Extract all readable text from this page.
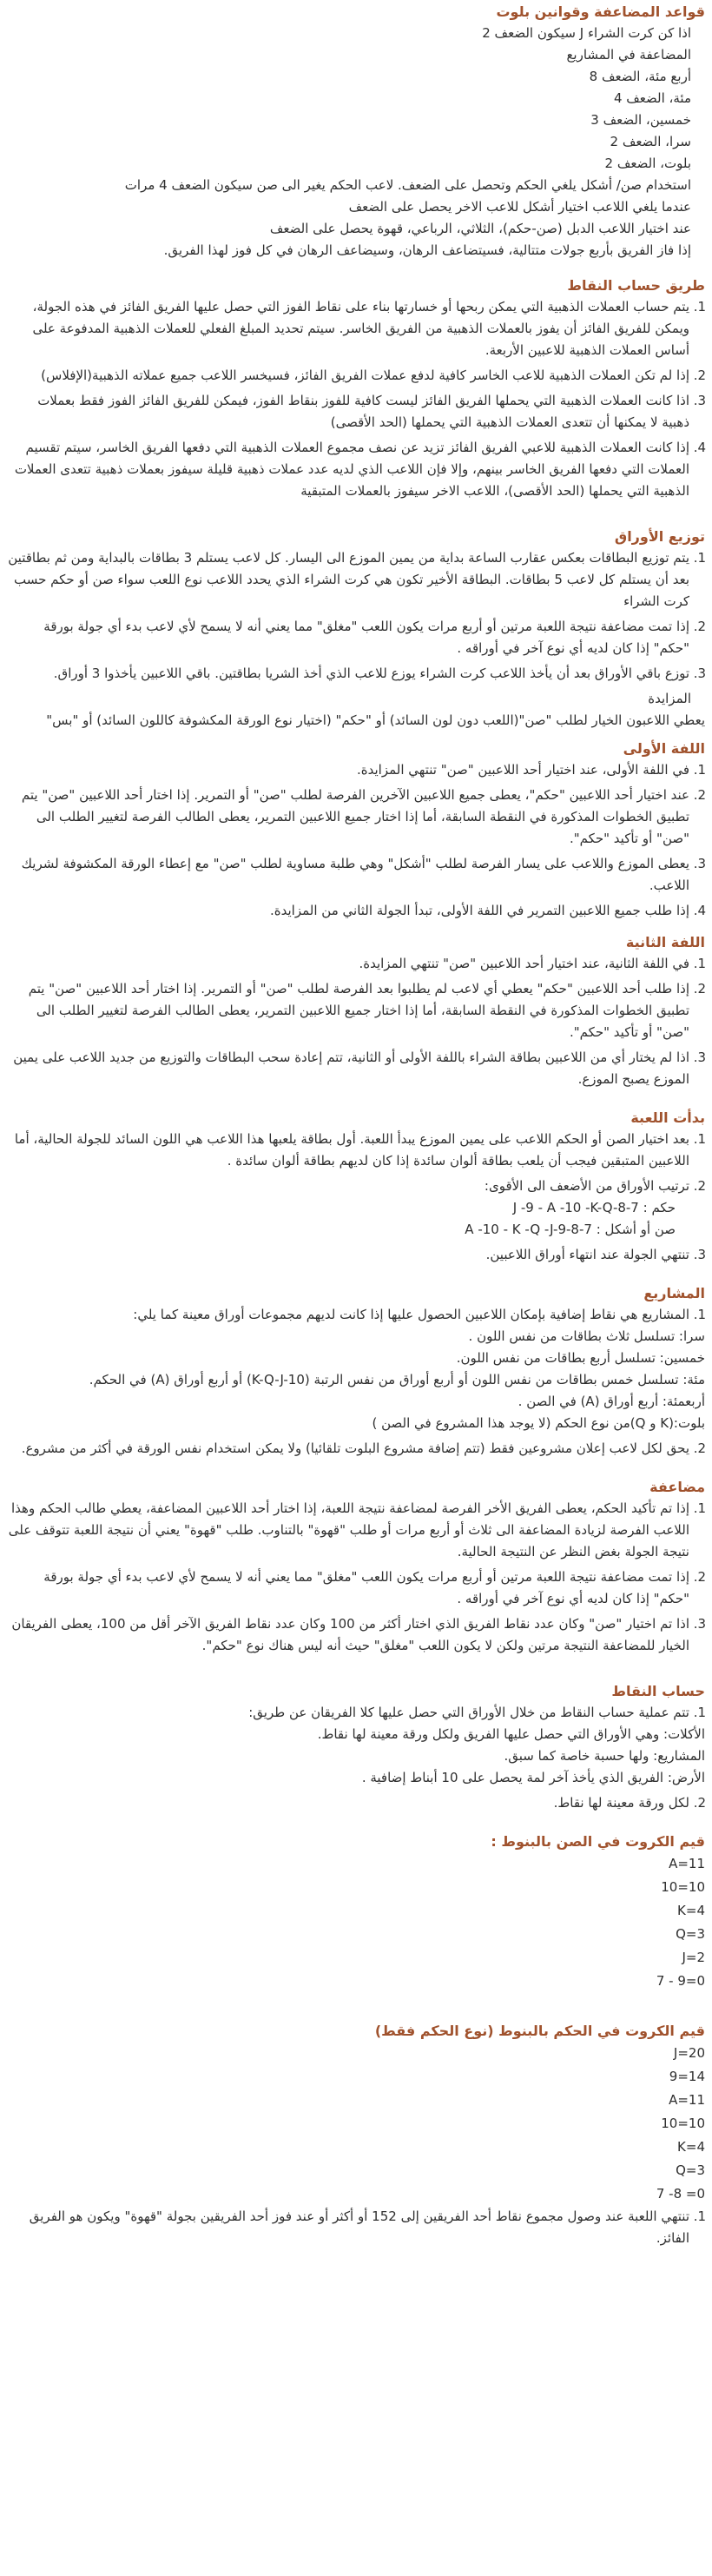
قواعد المضاعفة وقوانين بلوت

اذا كن كرت الشراء J سيكون الضعف 2

المضاعفة في المشاريع

أربع مئة، الضعف 8

مئة، الضعف 4

خمسين، الضعف 3

سرا، الضعف 2

بلوت، الضعف 2

استخدام صن/ أشكل يلغي الحكم وتحصل على الضعف. لاعب الحكم يغير الى صن سيكون الضعف 4 مرات

عندما يلغي اللاعب اختيار أشكل للاعب الاخر يحصل على الضعف

عند اختيار اللاعب الدبل (صن-حكم)، الثلاثي، الرباعي، قهوة يحصل على الضعف

إذا فاز الفريق بأربع جولات متتالية، فسيتضاعف الرهان، وسيضاعف الرهان في كل فوز لهذا الفريق.

طريق حساب النقاط
1. يتم حساب العملات الذهبية التي يمكن ربحها أو خسارتها بناء على نقاط الفوز التي حصل عليها الفريق الفائز في هذه الجولة، ويمكن للفريق الفائز أن يفوز بالعملات الذهبية من الفريق الخاسر. سيتم تحديد المبلغ الفعلي للعملات الذهبية المدفوعة على أساس العملات الذهبية للاعبين الأربعة.
2. إذا لم تكن العملات الذهبية للاعب الخاسر كافية لدفع عملات الفريق الفائز، فسيخسر اللاعب جميع عملاته الذهبية(الإفلاس)
3. اذا كانت العملات الذهبية التي يحملها الفريق الفائز ليست كافية للفوز بنقاط الفوز، فيمكن للفريق الفائز الفوز فقط بعملات ذهبية لا يمكنها أن تتعدى العملات الذهبية التي يحملها (الحد الأقصى)
4. إذا كانت العملات الذهبية للاعبي الفريق الفائز تزيد عن نصف مجموع العملات الذهبية التي دفعها الفريق الخاسر، سيتم تقسيم العملات التي دفعها الفريق الخاسر بينهم، وإلا فإن اللاعب الذي لديه عدد عملات ذهبية قليلة سيفوز بعملات ذهبية تتعدى العملات الذهبية التي يحملها (الحد الأقصى)، اللاعب الاخر سيفوز بالعملات المتبقية
توزيع الأوراق
1. يتم توزيع البطاقات بعكس عقارب الساعة بداية من يمين الموزع الى اليسار. كل لاعب يستلم 3 بطاقات بالبداية ومن ثم بطاقتين بعد أن يستلم كل لاعب 5 بطاقات. البطاقة الأخير تكون هي كرت الشراء الذي يحدد اللاعب نوع اللعب سواء صن أو حكم حسب كرت الشراء
2. إذا تمت مضاعفة نتيجة اللعبة مرتين أو أربع مرات يكون اللعب "مغلق" مما يعني أنه لا يسمح لأي لاعب بدء أي جولة بورقة "حكم" إذا كان لديه أي نوع آخر في أوراقه .
3. توزع باقي الأوراق بعد أن يأخذ اللاعب كرت الشراء يوزع للاعب الذي أخذ الشريا بطاقتين. باقي اللاعبين يأخذوا 3 أوراق.

المزايدة

يعطي اللاعبون الخيار لطلب "صن"(اللعب دون لون السائد) أو "حكم" (اختيار نوع الورقة المكشوفة كاللون السائد) أو "بس"

اللفة الأولى
1. في اللفة الأولى، عند اختيار أحد اللاعبين "صن" تنتهي المزايدة.
2. عند اختيار أحد اللاعبين "حكم"، يعطى جميع اللاعبين الآخرين الفرصة لطلب "صن" أو التمرير. إذا اختار أحد اللاعبين "صن" يتم تطبيق الخطوات المذكورة في النقطة السابقة، أما إذا اختار جميع اللاعبين التمرير، يعطى الطالب الفرصة لتغيير الطلب الى "صن" أو تأكيد "حكم".
3. يعطى الموزع واللاعب على يسار الفرصة لطلب "أشكل" وهي طلبة مساوية لطلب "صن" مع إعطاء الورقة المكشوفة لشريك اللاعب.
4. إذا طلب جميع اللاعبين التمرير في اللفة الأولى، تبدأ الجولة الثاني من المزايدة.
اللفة الثانية
1. في اللفة الثانية، عند اختيار أحد اللاعبين "صن" تنتهي المزايدة.
2. إذا طلب أحد اللاعبين "حكم" يعطي أي لاعب لم يطلبوا بعد الفرصة لطلب "صن" أو التمرير. إذا اختار أحد اللاعبين "صن" يتم تطبيق الخطوات المذكورة في النقطة السابقة، أما إذا اختار جميع اللاعبين التمرير، يعطى الطالب الفرصة لتغيير الطلب الى "صن" أو تأكيد "حكم".
3. اذا لم يختار أي من اللاعبين بطاقة الشراء باللفة الأولى أو الثانية، تتم إعادة سحب البطاقات والتوزيع من جديد اللاعب على يمين الموزع يصبح الموزع.
بدأت اللعبة
1. بعد اختيار الصن أو الحكم اللاعب على يمين الموزع يبدأ اللعبة. أول بطاقة يلعبها هذا اللاعب هي اللون السائد للجولة الحالية، أما اللاعبين المتبقين فيجب أن يلعب بطاقة ألوان سائدة إذا كان لديهم بطاقة ألوان سائدة .
2. ترتيب الأوراق من الأضعف الى الأقوى:
حكم : J -9 - A -10 -K-Q-8-7
صن أو أشكل : A -10 - K -Q -J-9-8-7
3. تنتهي الجولة عند انتهاء أوراق اللاعبين.
المشاريع
1. المشاريع هي نقاط إضافية بإمكان اللاعبين الحصول عليها إذا كانت لديهم مجموعات أوراق معينة كما يلي:
سرا: تسلسل ثلاث بطاقات من نفس اللون .
خمسين: تسلسل أربع بطاقات من نفس اللون.
مئة: تسلسل خمس بطاقات من نفس اللون أو أربع أوراق من نفس الرتبة (K-Q-J-10) أو أربع أوراق (A) في الحكم.
أربعمئة: أربع أوراق (A) في الصن .
بلوت:(K و Q)من نوع الحكم (لا يوجد هذا المشروع في الصن )
2. يحق لكل لاعب إعلان مشروعين فقط (تتم إضافة مشروع البلوت تلقائيا) ولا يمكن استخدام نفس الورقة في أكثر من مشروع.
مضاعفة
1. إذا تم تأكيد الحكم، يعطى الفريق الأخر الفرصة لمضاعفة نتيجة اللعبة، إذا اختار أحد اللاعبين المضاعفة، يعطي طالب الحكم وهذا اللاعب الفرصة لزيادة المضاعفة الى ثلاث أو أربع مرات أو طلب "قهوة" بالتناوب. طلب "قهوة" يعني أن نتيجة اللعبة تتوقف على نتيجة الجولة بغض النظر عن النتيجة الحالية.
2. إذا تمت مضاعفة نتيجة اللعبة مرتين أو أربع مرات يكون اللعب "مغلق" مما يعني أنه لا يسمح لأي لاعب بدء أي جولة بورقة "حكم" إذا كان لديه أي نوع آخر في أوراقه .
3. اذا تم اختيار "صن" وكان عدد نقاط الفريق الذي اختار أكثر من 100 وكان عدد نقاط الفريق الآخر أقل من 100، يعطى الفريقان الخيار للمضاعفة النتيجة مرتين ولكن لا يكون اللعب "مغلق" حيث أنه ليس هناك نوع "حكم".
حساب النقاط
1. تتم عملية حساب النقاط من خلال الأوراق التي حصل عليها كلا الفريقان عن طريق:
الأكلات: وهي الأوراق التي حصل عليها الفريق ولكل ورقة معينة لها نقاط.
المشاريع: ولها حسبة خاصة كما سبق.
الأرض: الفريق الذي يأخذ آخر لمة يحصل على 10 أبناط إضافية .
2. لكل ورقة معينة لها نقاط.
قيم الكروت في الصن بالبنوط :
A=11
10=10
K=4
Q=3
J=2
7 - 9=0
قيم الكروت في الحكم بالبنوط (نوع الحكم فقط)
J=20
9=14
A=11
10=10
K=4
Q=3
7 -8 =0
1. تنتهي اللعبة عند وصول مجموع نقاط أحد الفريقين إلى 152 أو أكثر أو عند فوز أحد الفريقين بجولة "قهوة" ويكون هو الفريق الفائز.
